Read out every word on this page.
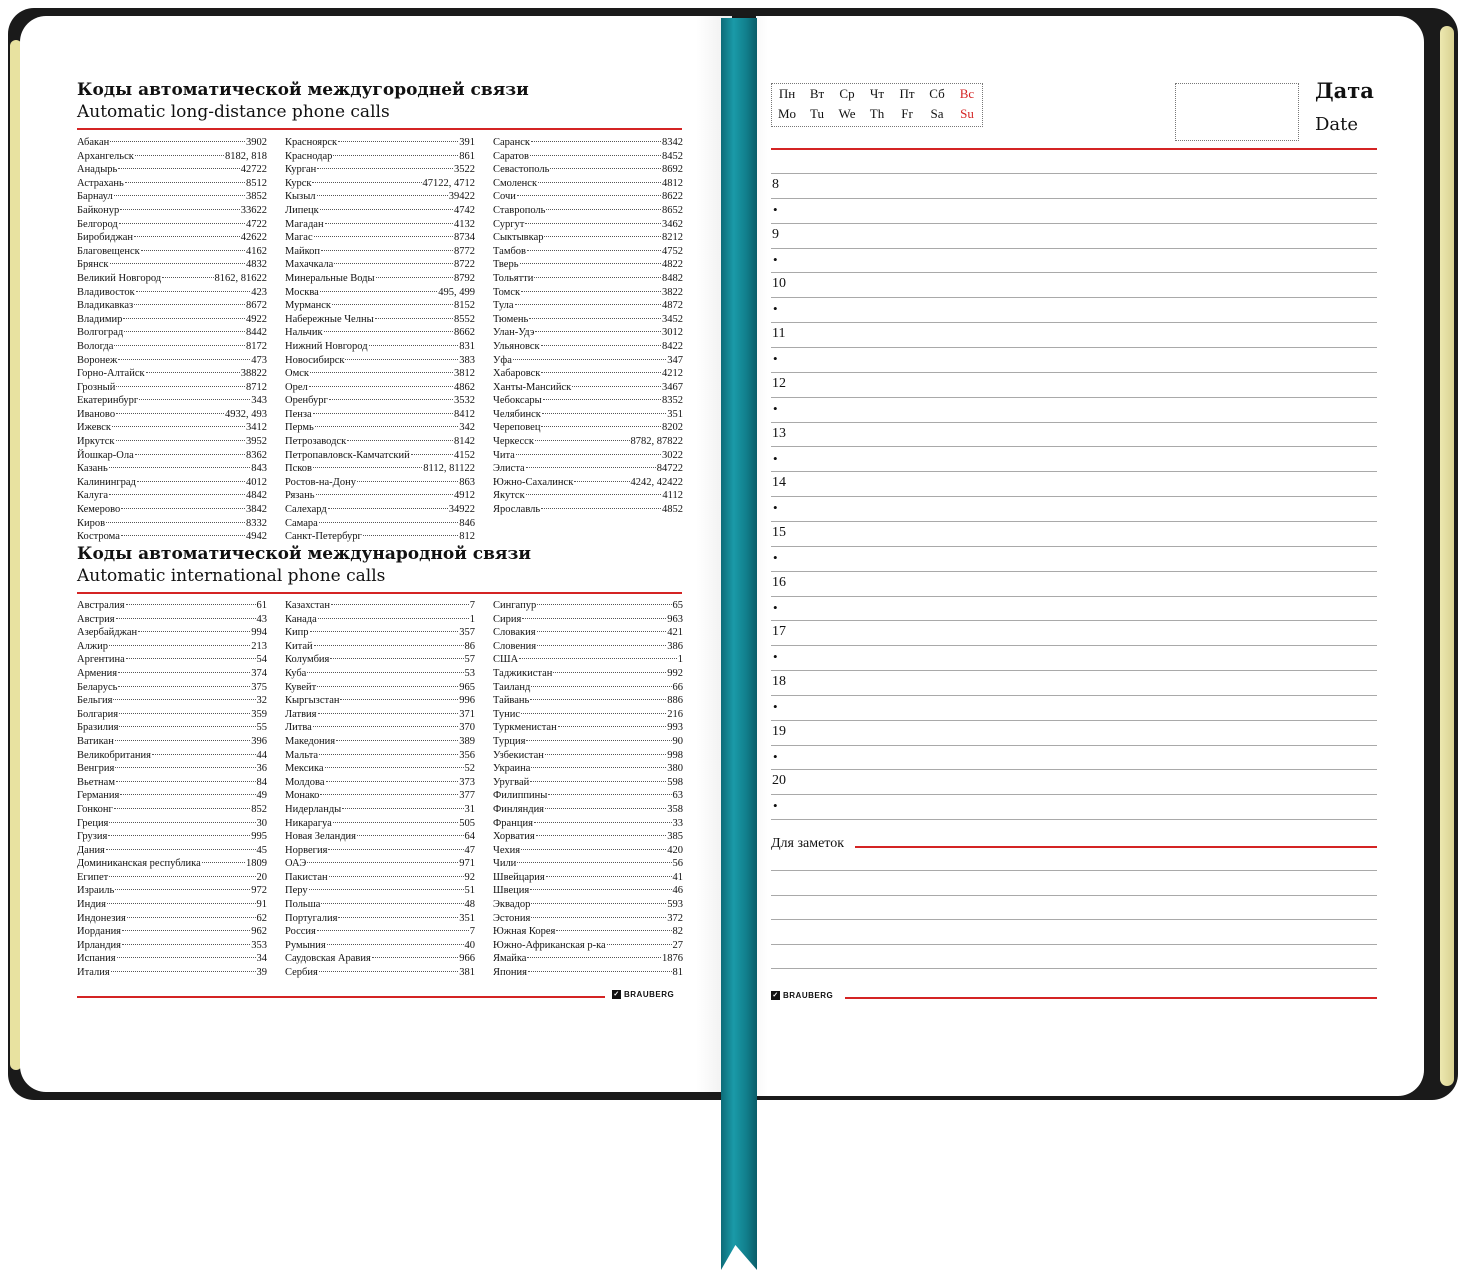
Коды автоматической междугородней связи
Automatic long-distance phone calls
Абакан	3902
Архангельск	8182, 818
Анадырь	42722
Астрахань	8512
Барнаул	3852
Байконур	33622
Белгород	4722
Биробиджан	42622
Благовещенск	4162
Брянск	4832
Великий Новгород	8162, 81622
Владивосток	423
Владикавказ	8672
Владимир	4922
Волгоград	8442
Вологда	8172
Воронеж	473
Горно-Алтайск	38822
Грозный	8712
Екатеринбург	343
Иваново	4932, 493
Ижевск	3412
Иркутск	3952
Йошкар-Ола	8362
Казань	843
Калининград	4012
Калуга	4842
Кемерово	3842
Киров	8332
Кострома	4942
Красноярск	391
Краснодар	861
Курган	3522
Курск	47122, 4712
Кызыл	39422
Липецк	4742
Магадан	4132
Магас	8734
Майкоп	8772
Махачкала	8722
Минеральные Воды	8792
Москва	495, 499
Мурманск	8152
Набережные Челны	8552
Нальчик	8662
Нижний Новгород	831
Новосибирск	383
Омск	3812
Орел	4862
Оренбург	3532
Пенза	8412
Пермь	342
Петрозаводск	8142
Петропавловск-Камчатский	4152
Псков	8112, 81122
Ростов-на-Дону	863
Рязань	4912
Салехард	34922
Самара	846
Санкт-Петербург	812
Саранск	8342
Саратов	8452
Севастополь	8692
Смоленск	4812
Сочи	8622
Ставрополь	8652
Сургут	3462
Сыктывкар	8212
Тамбов	4752
Тверь	4822
Тольятти	8482
Томск	3822
Тула	4872
Тюмень	3452
Улан-Удэ	3012
Ульяновск	8422
Уфа	347
Хабаровск	4212
Ханты-Мансийск	3467
Чебоксары	8352
Челябинск	351
Череповец	8202
Черкесск	8782, 87822
Чита	3022
Элиста	84722
Южно-Сахалинск	4242, 42422
Якутск	4112
Ярославль	4852
Коды автоматической международной связи
Automatic international phone calls
Австралия	61
Австрия	43
Азербайджан	994
Алжир	213
Аргентина	54
Армения	374
Беларусь	375
Бельгия	32
Болгария	359
Бразилия	55
Ватикан	396
Великобритания	44
Венгрия	36
Вьетнам	84
Германия	49
Гонконг	852
Греция	30
Грузия	995
Дания	45
Доминиканская республика	1809
Египет	20
Израиль	972
Индия	91
Индонезия	62
Иордания	962
Ирландия	353
Испания	34
Италия	39
Казахстан	7
Канада	1
Кипр	357
Китай	86
Колумбия	57
Куба	53
Кувейт	965
Кыргызстан	996
Латвия	371
Литва	370
Македония	389
Мальта	356
Мексика	52
Молдова	373
Монако	377
Нидерланды	31
Никарагуа	505
Новая Зеландия	64
Норвегия	47
ОАЭ	971
Пакистан	92
Перу	51
Польша	48
Португалия	351
Россия	7
Румыния	40
Саудовская Аравия	966
Сербия	381
Сингапур	65
Сирия	963
Словакия	421
Словения	386
США	1
Таджикистан	992
Таиланд	66
Тайвань	886
Тунис	216
Туркменистан	993
Турция	90
Узбекистан	998
Украина	380
Уругвай	598
Филиппины	63
Финляндия	358
Франция	33
Хорватия	385
Чехия	420
Чили	56
Швейцария	41
Швеция	46
Эквадор	593
Эстония	372
Южная Корея	82
Южно-Африканская р-ка	27
Ямайка	1876
Япония	81
✓ BRAUBERG
Пн	Вт	Ср	Чт	Пт	Сб	Вс
Mo	Tu	We	Th	Fr	Sa	Su
Дата
Date
8
•
9
•
10
•
11
•
12
•
13
•
14
•
15
•
16
•
17
•
18
•
19
•
20
•
Для заметок
✓ BRAUBERG
